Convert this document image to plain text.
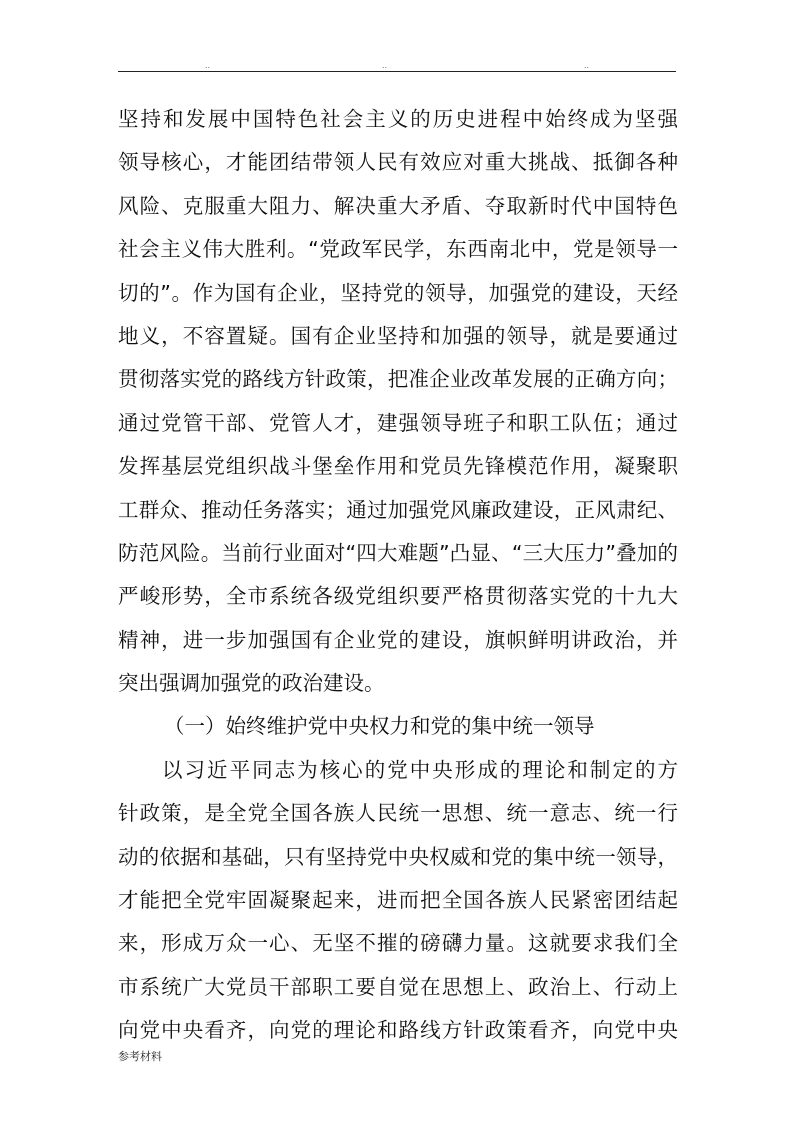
..	..	..
坚持和发展中国特色社会主义的历史进程中始终成为坚强
领导核心，才能团结带领人民有效应对重大挑战、抵御各种
风险、克服重大阻力、解决重大矛盾、夺取新时代中国特色
社会主义伟大胜利。“党政军民学，东西南北中，党是领导一
切的”。作为国有企业，坚持党的领导，加强党的建设，天经
地义，不容置疑。国有企业坚持和加强的领导，就是要通过
贯彻落实党的路线方针政策，把准企业改革发展的正确方向；
通过党管干部、党管人才，建强领导班子和职工队伍；通过
发挥基层党组织战斗堡垒作用和党员先锋模范作用，凝聚职
工群众、推动任务落实；通过加强党风廉政建设，正风肃纪、
防范风险。当前行业面对“四大难题”凸显、“三大压力”叠加的
严峻形势，全市系统各级党组织要严格贯彻落实党的十九大
精神，进一步加强国有企业党的建设，旗帜鲜明讲政治，并
突出强调加强党的政治建设。
（一）始终维护党中央权力和党的集中统一领导
以习近平同志为核心的党中央形成的理论和制定的方
针政策，是全党全国各族人民统一思想、统一意志、统一行
动的依据和基础，只有坚持党中央权威和党的集中统一领导，
才能把全党牢固凝聚起来，进而把全国各族人民紧密团结起
来，形成万众一心、无坚不摧的磅礴力量。这就要求我们全
市系统广大党员干部职工要自觉在思想上、政治上、行动上
向党中央看齐，向党的理论和路线方针政策看齐，向党中央
参考材料
